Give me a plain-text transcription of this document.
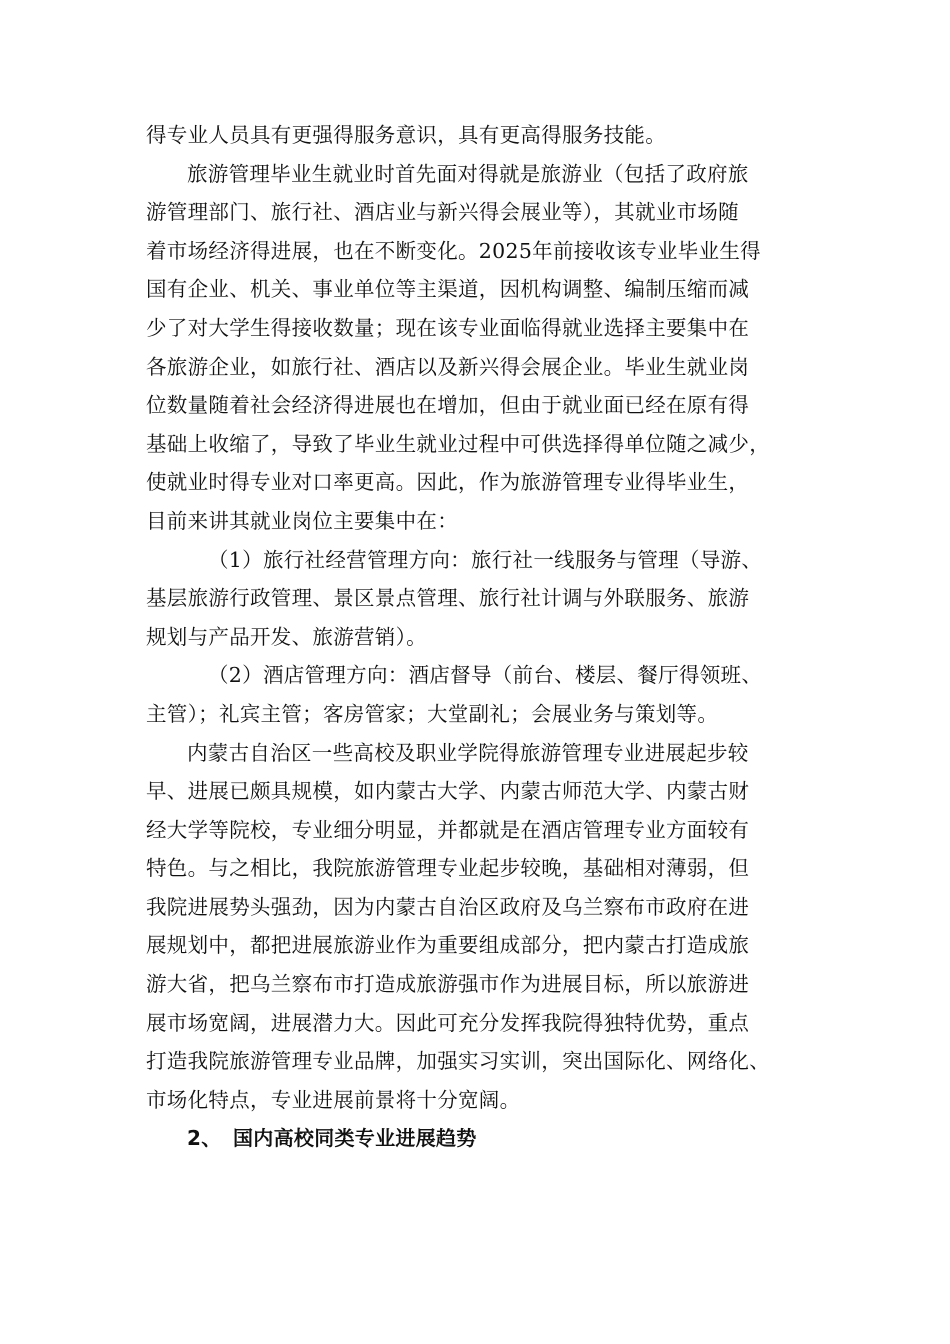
得专业人员具有更强得服务意识，具有更高得服务技能。
旅游管理毕业生就业时首先面对得就是旅游业（包括了政府旅
游管理部门、旅行社、酒店业与新兴得会展业等），其就业市场随
着市场经济得进展，也在不断变化。2025年前接收该专业毕业生得
国有企业、机关、事业单位等主渠道，因机构调整、编制压缩而减
少了对大学生得接收数量；现在该专业面临得就业选择主要集中在
各旅游企业，如旅行社、酒店以及新兴得会展企业。毕业生就业岗
位数量随着社会经济得进展也在增加，但由于就业面已经在原有得
基础上收缩了，导致了毕业生就业过程中可供选择得单位随之减少，
使就业时得专业对口率更高。因此，作为旅游管理专业得毕业生，
目前来讲其就业岗位主要集中在：
（1）旅行社经营管理方向：旅行社一线服务与管理（导游、
基层旅游行政管理、景区景点管理、旅行社计调与外联服务、旅游
规划与产品开发、旅游营销）。
（2）酒店管理方向：酒店督导（前台、楼层、餐厅得领班、
主管）；礼宾主管；客房管家；大堂副礼；会展业务与策划等。
内蒙古自治区一些高校及职业学院得旅游管理专业进展起步较
早、进展已颇具规模，如内蒙古大学、内蒙古师范大学、内蒙古财
经大学等院校，专业细分明显，并都就是在酒店管理专业方面较有
特色。与之相比，我院旅游管理专业起步较晚，基础相对薄弱，但
我院进展势头强劲，因为内蒙古自治区政府及乌兰察布市政府在进
展规划中，都把进展旅游业作为重要组成部分，把内蒙古打造成旅
游大省，把乌兰察布市打造成旅游强市作为进展目标，所以旅游进
展市场宽阔，进展潜力大。因此可充分发挥我院得独特优势，重点
打造我院旅游管理专业品牌，加强实习实训，突出国际化、网络化、
市场化特点，专业进展前景将十分宽阔。
2、 国内高校同类专业进展趋势
